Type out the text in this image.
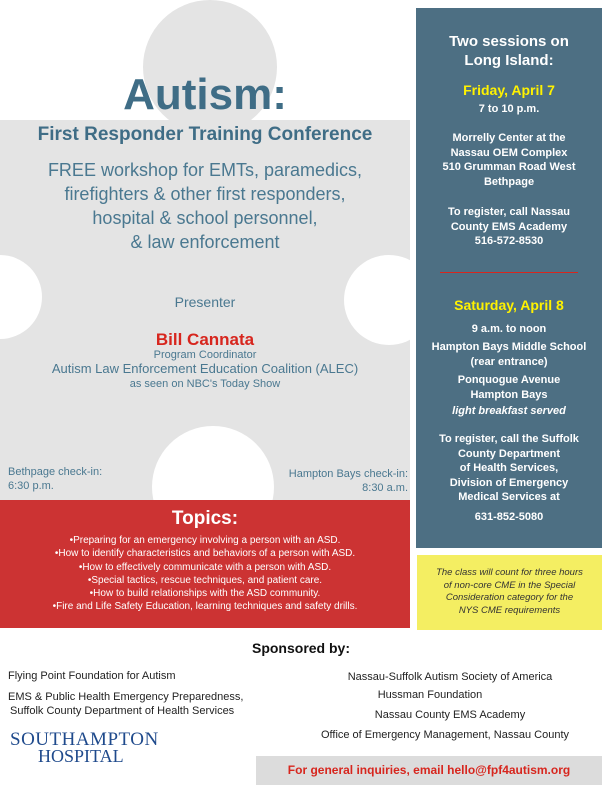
Autism:
First Responder Training Conference
FREE workshop for EMTs, paramedics,
firefighters & other first responders,
hospital & school personnel,
& law enforcement
Presenter
Bill Cannata
Program Coordinator
Autism Law Enforcement Education Coalition (ALEC)
as seen on NBC's Today Show
Bethpage check-in:
6:30 p.m.
Hampton Bays check-in:
8:30 a.m.
Topics:
•Preparing for an emergency involving a person with an ASD.
•How to identify characteristics and behaviors of a person with ASD.
•How to effectively communicate with a person with ASD.
•Special tactics, rescue techniques, and patient care.
•How to build relationships with the ASD community.
•Fire and Life Safety Education, learning techniques and safety drills.
Two sessions on
Long Island:
Friday, April 7
7 to 10 p.m.
Morrelly Center at the
Nassau OEM Complex
510 Grumman Road West
Bethpage
To register, call Nassau
County EMS Academy
516-572-8530
Saturday, April 8
9 a.m. to noon
Hampton Bays Middle School
(rear entrance)
Ponquogue Avenue
Hampton Bays
light breakfast served
To register, call the Suffolk
County Department
of Health Services,
Division of Emergency
Medical Services at
631-852-5080
The class will count for three hours
of non-core CME in the Special
Consideration category for the
NYS CME requirements
Sponsored by:
Flying Point Foundation for Autism
EMS & Public Health Emergency Preparedness,
Suffolk County Department of Health Services
Nassau-Suffolk Autism Society of America
Hussman Foundation
Nassau County EMS Academy
Office of Emergency Management, Nassau County
SOUTHAMPTON
HOSPITAL
For general inquiries, email hello@fpf4autism.org
